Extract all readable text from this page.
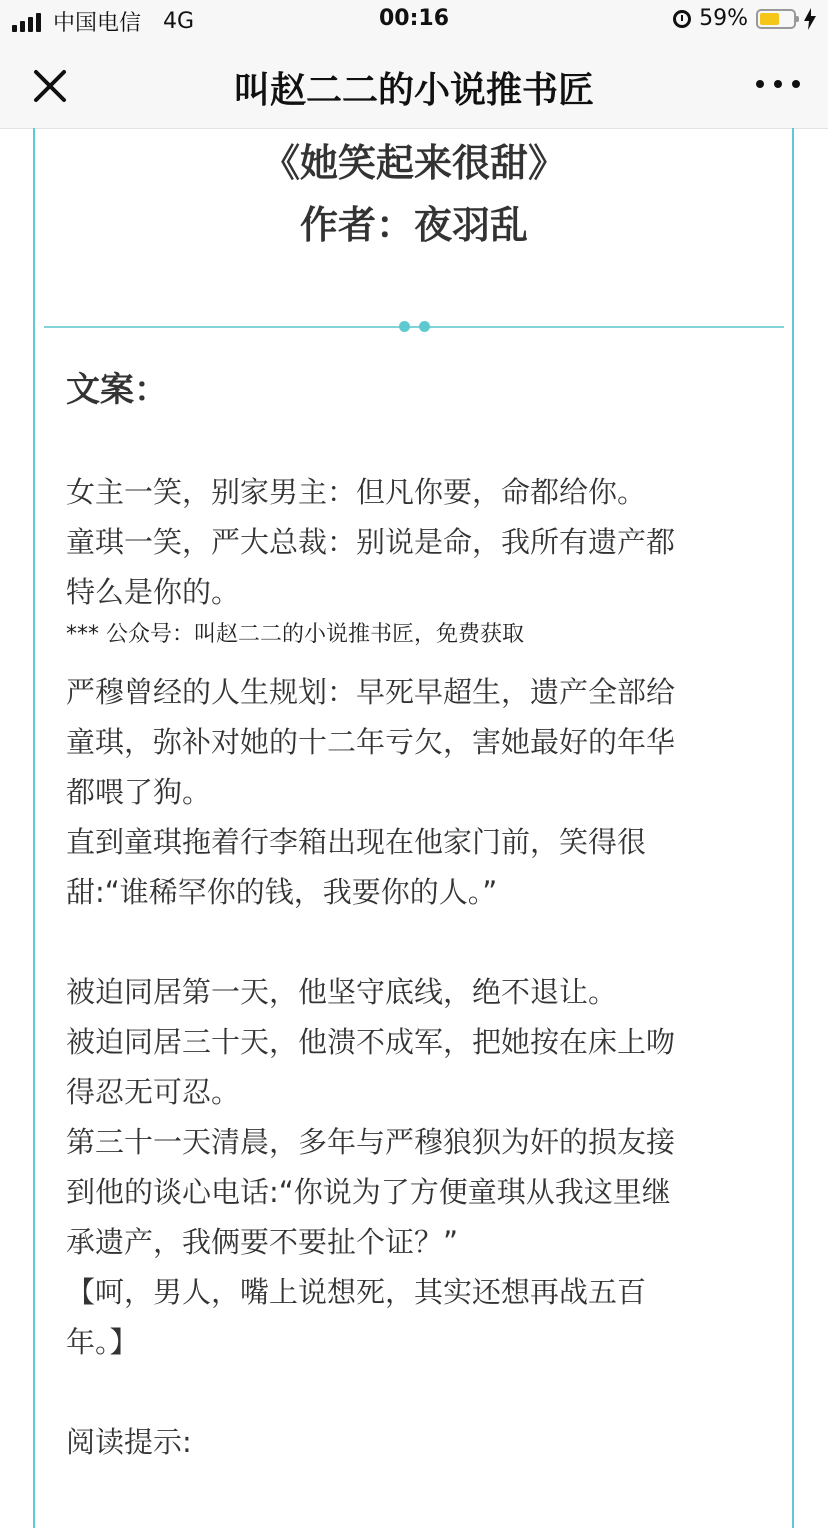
中国电信 4G	00:16	59%
叫赵二二的小说推书匠
《她笑起来很甜》
作者：夜羽乱
文案：

女主一笑，别家男主：但凡你要，命都给你。

童琪一笑，严大总裁：别说是命，我所有遗产都

特么是你的。

*** 公众号：叫赵二二的小说推书匠，免费获取

严穆曾经的人生规划：早死早超生，遗产全部给

童琪，弥补对她的十二年亏欠，害她最好的年华

都喂了狗。

直到童琪拖着行李箱出现在他家门前，笑得很

甜:“谁稀罕你的钱，我要你的人。”

被迫同居第一天，他坚守底线，绝不退让。

被迫同居三十天，他溃不成军，把她按在床上吻

得忍无可忍。

第三十一天清晨，多年与严穆狼狈为奸的损友接

到他的谈心电话:“你说为了方便童琪从我这里继

承遗产，我俩要不要扯个证？”

【呵，男人，嘴上说想死，其实还想再战五百

年。】

阅读提示:
